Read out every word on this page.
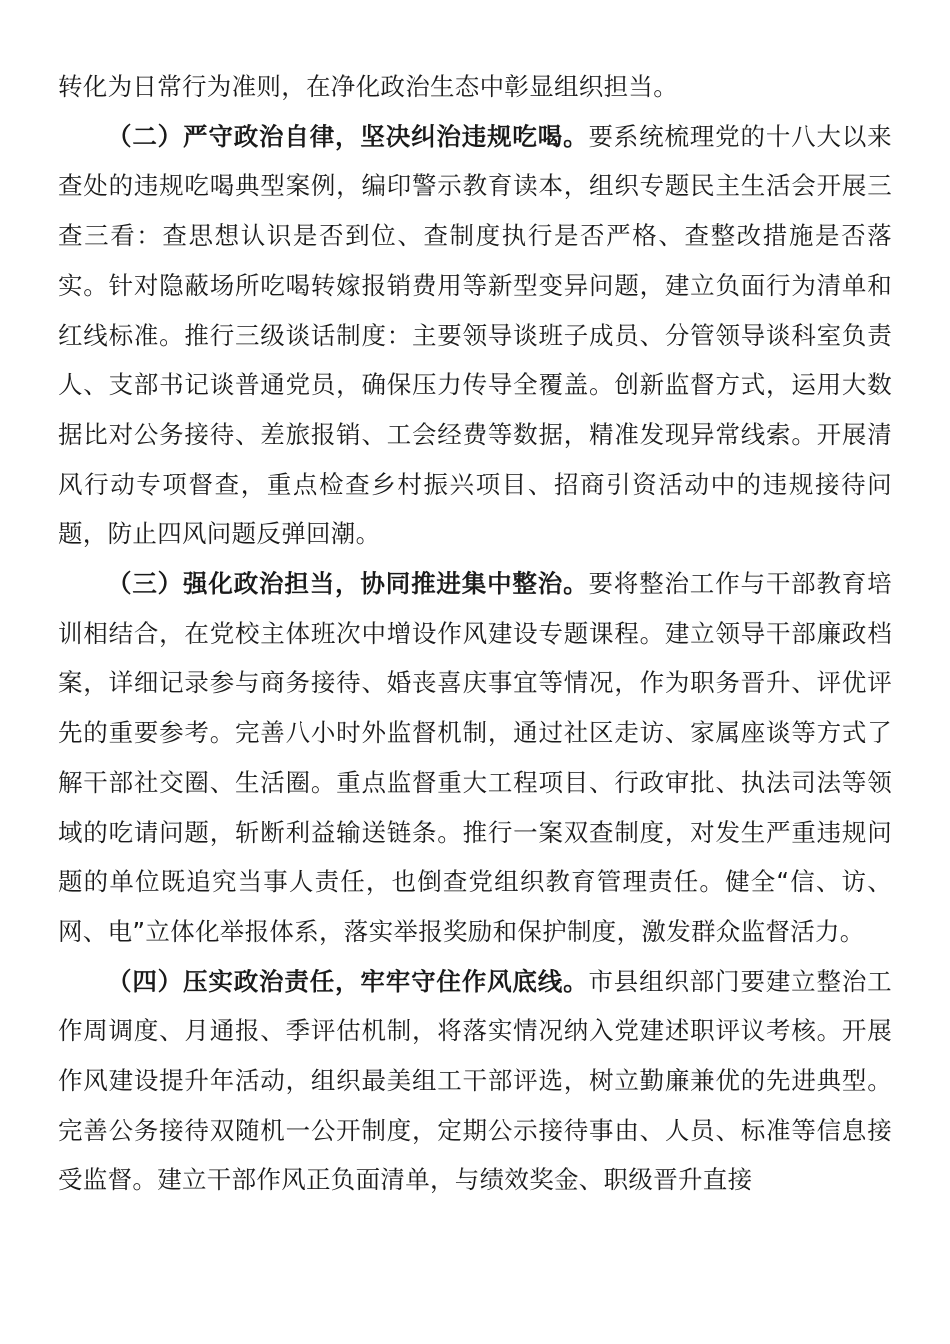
转化为日常行为准则，在净化政治生态中彰显组织担当。

（二）严守政治自律，坚决纠治违规吃喝。要系统梳理党的十八大以来查处的违规吃喝典型案例，编印警示教育读本，组织专题民主生活会开展三查三看：查思想认识是否到位、查制度执行是否严格、查整改措施是否落实。针对隐蔽场所吃喝转嫁报销费用等新型变异问题，建立负面行为清单和红线标准。推行三级谈话制度：主要领导谈班子成员、分管领导谈科室负责人、支部书记谈普通党员，确保压力传导全覆盖。创新监督方式，运用大数据比对公务接待、差旅报销、工会经费等数据，精准发现异常线索。开展清风行动专项督查，重点检查乡村振兴项目、招商引资活动中的违规接待问题，防止四风问题反弹回潮。

（三）强化政治担当，协同推进集中整治。要将整治工作与干部教育培训相结合，在党校主体班次中增设作风建设专题课程。建立领导干部廉政档案，详细记录参与商务接待、婚丧喜庆事宜等情况，作为职务晋升、评优评先的重要参考。完善八小时外监督机制，通过社区走访、家属座谈等方式了解干部社交圈、生活圈。重点监督重大工程项目、行政审批、执法司法等领域的吃请问题，斩断利益输送链条。推行一案双查制度，对发生严重违规问题的单位既追究当事人责任，也倒查党组织教育管理责任。健全“信、访、网、电”立体化举报体系，落实举报奖励和保护制度，激发群众监督活力。

（四）压实政治责任，牢牢守住作风底线。市县组织部门要建立整治工作周调度、月通报、季评估机制，将落实情况纳入党建述职评议考核。开展作风建设提升年活动，组织最美组工干部评选，树立勤廉兼优的先进典型。完善公务接待双随机一公开制度，定期公示接待事由、人员、标准等信息接受监督。建立干部作风正负面清单，与绩效奖金、职级晋升直接
